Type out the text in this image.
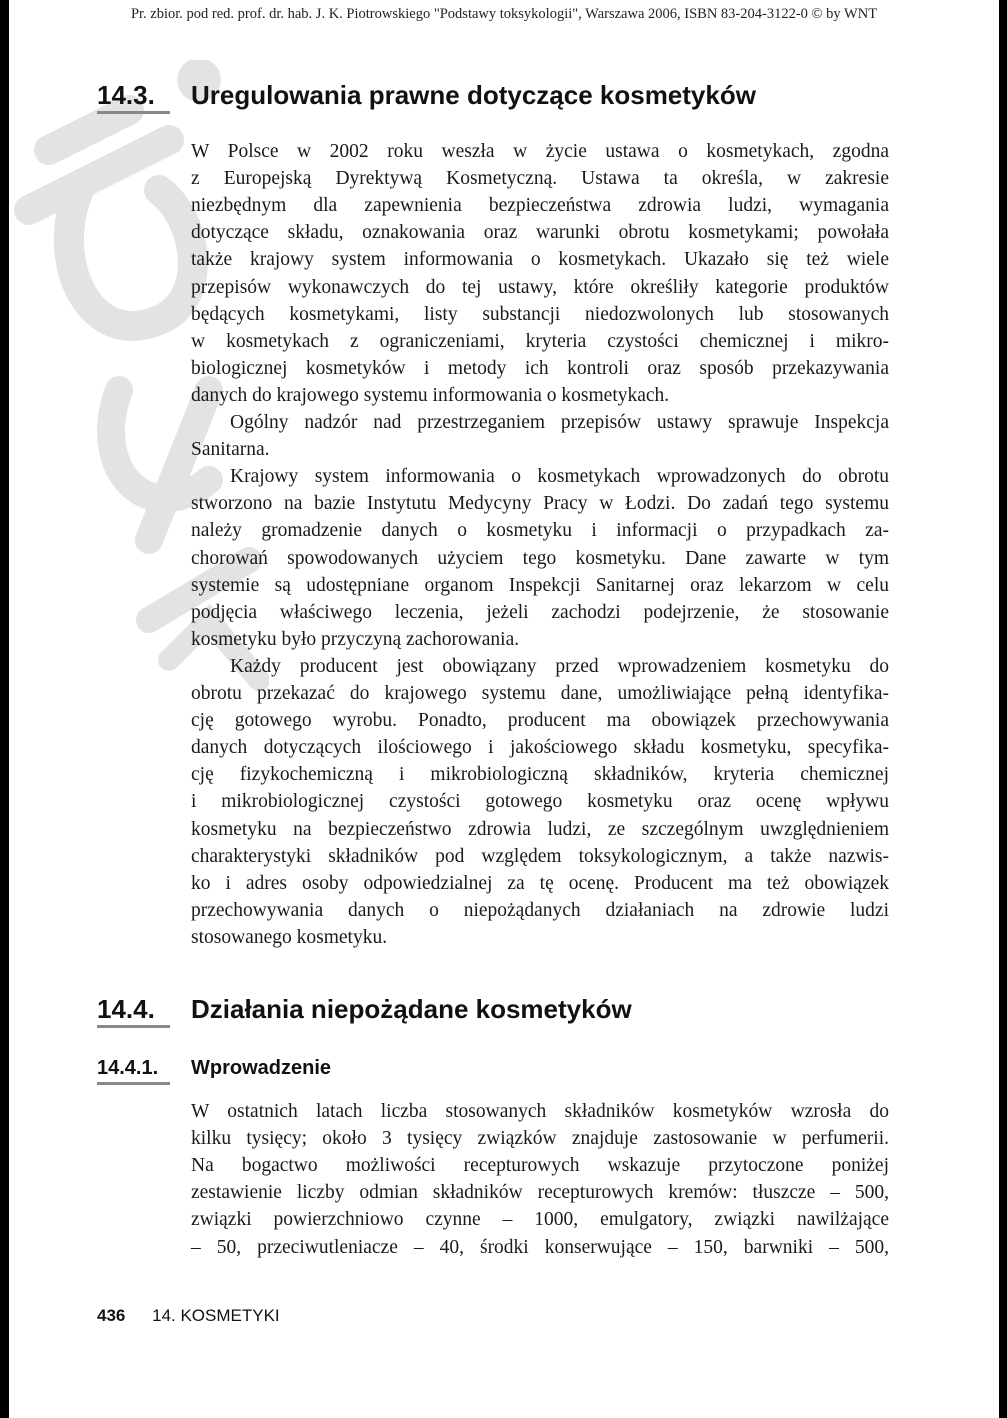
Pr. zbior. pod red. prof. dr. hab. J. K. Piotrowskiego "Podstawy toksykologii", Warszawa 2006, ISBN 83-204-3122-0 © by WNT
14.3. Uregulowania prawne dotyczące kosmetyków
W Polsce w 2002 roku weszła w życie ustawa o kosmetykach, zgodna
z Europejską Dyrektywą Kosmetyczną. Ustawa ta określa, w zakresie
niezbędnym dla zapewnienia bezpieczeństwa zdrowia ludzi, wymagania
dotyczące składu, oznakowania oraz warunki obrotu kosmetykami; powołała
także krajowy system informowania o kosmetykach. Ukazało się też wiele
przepisów wykonawczych do tej ustawy, które określiły kategorie produktów
będących kosmetykami, listy substancji niedozwolonych lub stosowanych
w kosmetykach z ograniczeniami, kryteria czystości chemicznej i mikro-
biologicznej kosmetyków i metody ich kontroli oraz sposób przekazywania
danych do krajowego systemu informowania o kosmetykach.
Ogólny nadzór nad przestrzeganiem przepisów ustawy sprawuje Inspekcja
Sanitarna.
Krajowy system informowania o kosmetykach wprowadzonych do obrotu
stworzono na bazie Instytutu Medycyny Pracy w Łodzi. Do zadań tego systemu
należy gromadzenie danych o kosmetyku i informacji o przypadkach za-
chorowań spowodowanych użyciem tego kosmetyku. Dane zawarte w tym
systemie są udostępniane organom Inspekcji Sanitarnej oraz lekarzom w celu
podjęcia właściwego leczenia, jeżeli zachodzi podejrzenie, że stosowanie
kosmetyku było przyczyną zachorowania.
Każdy producent jest obowiązany przed wprowadzeniem kosmetyku do
obrotu przekazać do krajowego systemu dane, umożliwiające pełną identyfika-
cję gotowego wyrobu. Ponadto, producent ma obowiązek przechowywania
danych dotyczących ilościowego i jakościowego składu kosmetyku, specyfika-
cję fizykochemiczną i mikrobiologiczną składników, kryteria chemicznej
i mikrobiologicznej czystości gotowego kosmetyku oraz ocenę wpływu
kosmetyku na bezpieczeństwo zdrowia ludzi, ze szczególnym uwzględnieniem
charakterystyki składników pod względem toksykologicznym, a także nazwis-
ko i adres osoby odpowiedzialnej za tę ocenę. Producent ma też obowiązek
przechowywania danych o niepożądanych działaniach na zdrowie ludzi
stosowanego kosmetyku.
14.4. Działania niepożądane kosmetyków
14.4.1. Wprowadzenie
W ostatnich latach liczba stosowanych składników kosmetyków wzrosła do
kilku tysięcy; około 3 tysięcy związków znajduje zastosowanie w perfumerii.
Na bogactwo możliwości recepturowych wskazuje przytoczone poniżej
zestawienie liczby odmian składników recepturowych kremów: tłuszcze – 500,
związki powierzchniowo czynne – 1000, emulgatory, związki nawilżające
– 50, przeciwutleniacze – 40, środki konserwujące – 150, barwniki – 500,
436 14. KOSMETYKI
